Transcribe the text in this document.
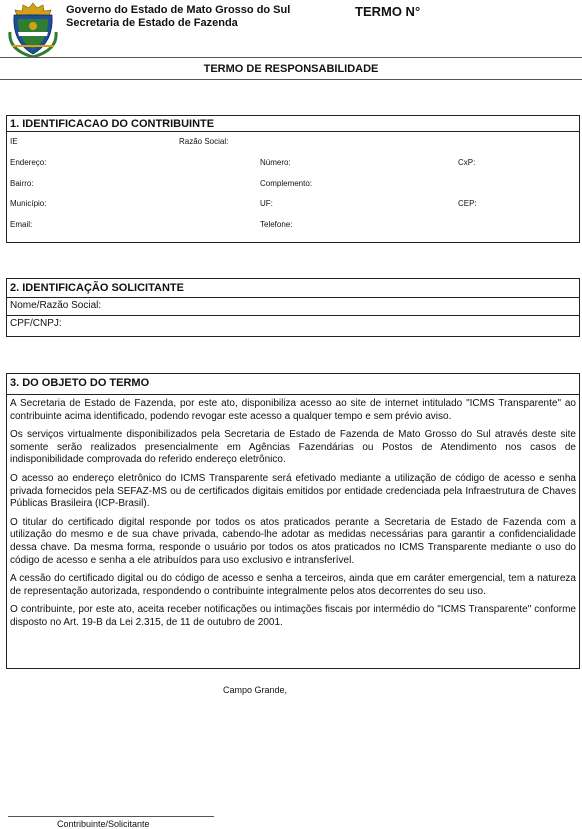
Governo do Estado de Mato Grosso do Sul
Secretaria de Estado de Fazenda
TERMO N°
TERMO DE RESPONSABILIDADE
1. IDENTIFICACAO DO CONTRIBUINTE
IE	Razão Social:
Endereço:	Número:	CxP:
Bairro:	Complemento:
Município:	UF:	CEP:
Email:	Telefone:
2. IDENTIFICAÇÃO SOLICITANTE
Nome/Razão Social:
CPF/CNPJ:
3. DO OBJETO DO TERMO

A Secretaria de Estado de Fazenda, por este ato, disponibiliza acesso ao site de internet intitulado "ICMS Transparente" ao contribuinte acima identificado, podendo revogar este acesso a qualquer tempo e sem prévio aviso.

Os serviços virtualmente disponibilizados pela Secretaria de Estado de Fazenda de Mato Grosso do Sul através deste site somente serão realizados presencialmente em Agências Fazendárias ou Postos de Atendimento nos casos de indisponibilidade comprovada do referido endereço eletrônico.

O acesso ao endereço eletrônico do ICMS Transparente será efetivado mediante a utilização de código de acesso e senha privada fornecidos pela SEFAZ-MS ou de certificados digitais emitidos por entidade credenciada pela Infraestrutura de Chaves Públicas Brasileira (ICP-Brasil).

O titular do certificado digital responde por todos os atos praticados perante a Secretaria de Estado de Fazenda com a utilização do mesmo e de sua chave privada, cabendo-lhe adotar as medidas necessárias para garantir a confidencialidade dessa chave. Da mesma forma, responde o usuário por todos os atos praticados no ICMS Transparente mediante o uso do código de acesso e senha a ele atribuídos para uso exclusivo e intransferível.

A cessão do certificado digital ou do código de acesso e senha a terceiros, ainda que em caráter emergencial, tem a natureza de representação autorizada, respondendo o contribuinte integralmente pelos atos decorrentes do seu uso.

O contribuinte, por este ato, aceita receber notificações ou intimações fiscais por intermédio do "ICMS Transparente" conforme disposto no Art. 19-B da Lei 2.315, de 11 de outubro de 2001.

Campo Grande,
Contribuinte/Solicitante
